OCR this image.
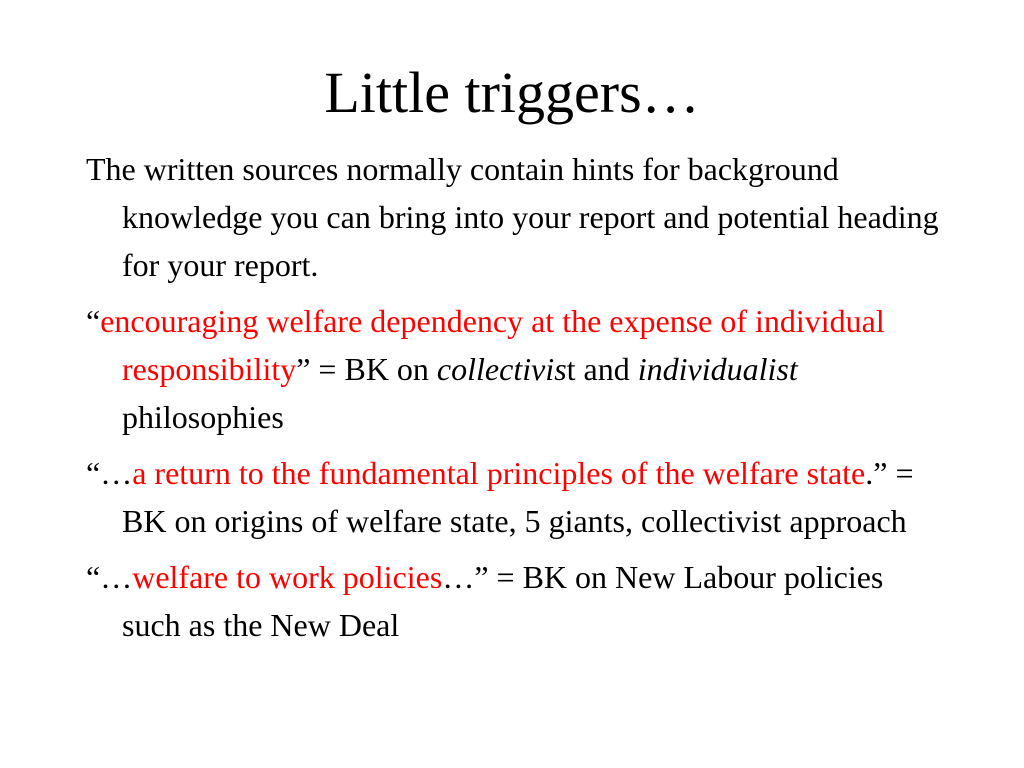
Little triggers…

The written sources normally contain hints for background knowledge you can bring into your report and potential heading for your report.

“encouraging welfare dependency at the expense of individual responsibility” = BK on collectivist and individualist philosophies

“…a return to the fundamental principles of the welfare state.” = BK on origins of welfare state, 5 giants, collectivist approach

“…welfare to work policies…” = BK on New Labour policies such as the New Deal
